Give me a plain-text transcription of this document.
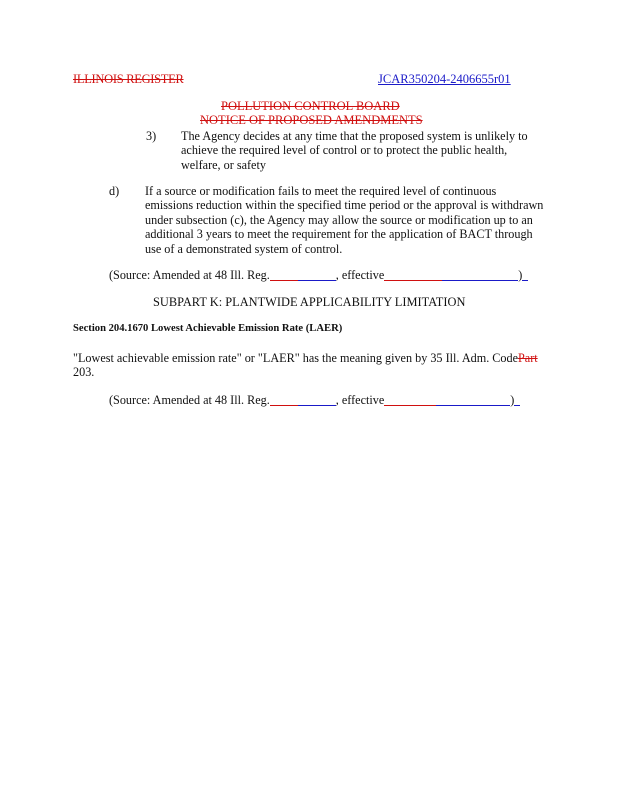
ILLINOIS REGISTER	JCAR350204-2406655r01
POLLUTION CONTROL BOARD
NOTICE OF PROPOSED AMENDMENTS
3) The Agency decides at any time that the proposed system is unlikely to
achieve the required level of control or to protect the public health,
welfare, or safety
d) If a source or modification fails to meet the required level of continuous
emissions reduction within the specified time period or the approval is withdrawn
under subsection (c), the Agency may allow the source or modification up to an
additional 3 years to meet the requirement for the application of BACT through
use of a demonstrated system of control.
(Source: Amended at 48 Ill. Reg.	, effective	)
SUBPART K: PLANTWIDE APPLICABILITY LIMITATION
Section 204.1670 Lowest Achievable Emission Rate (LAER)
"Lowest achievable emission rate" or "LAER" has the meaning given by 35 Ill. Adm. CodePart
203.
(Source: Amended at 48 Ill. Reg.	, effective	)
